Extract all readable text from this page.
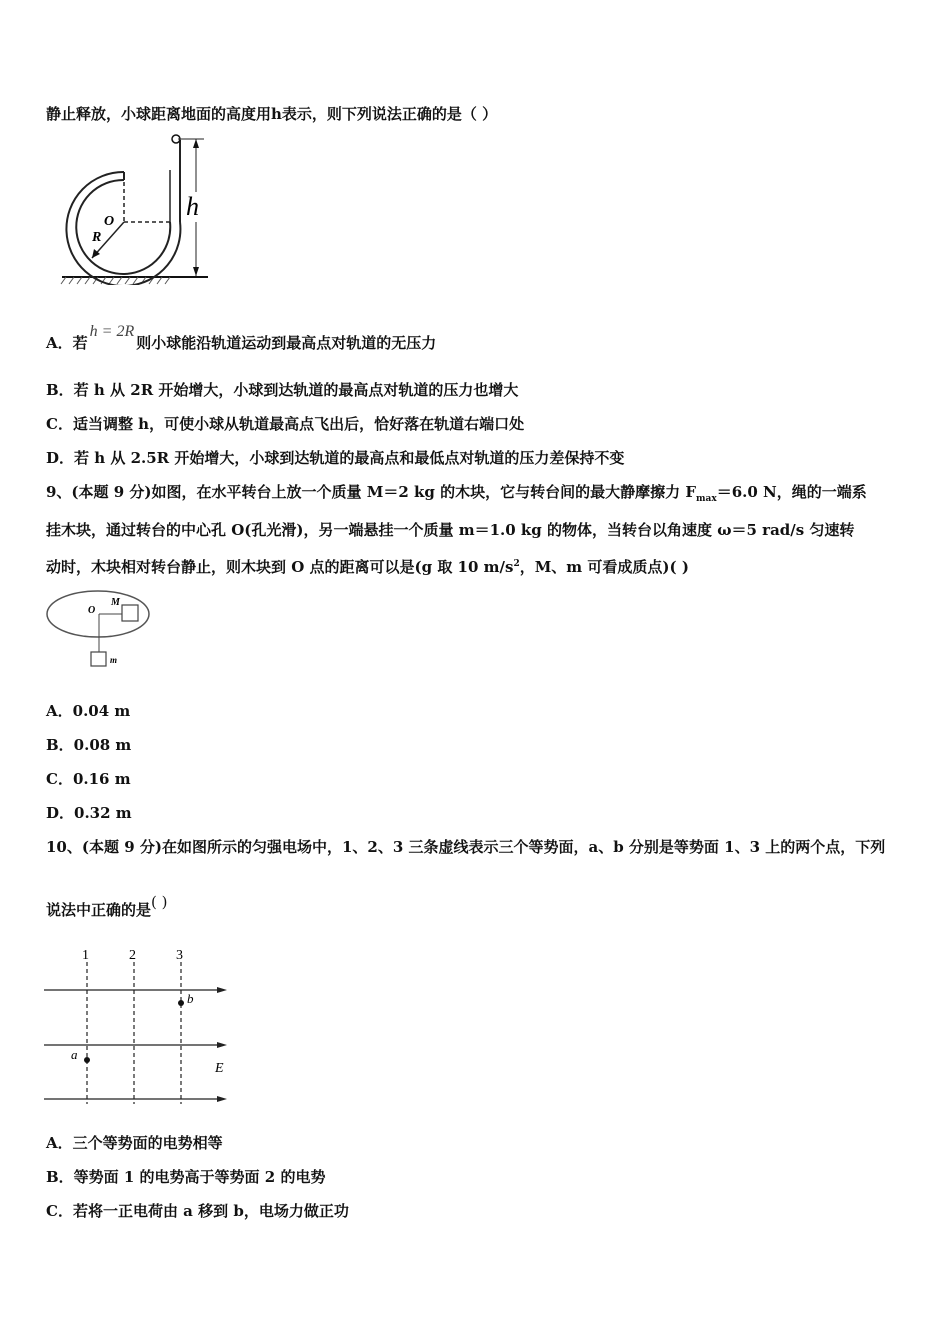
静止释放，小球距离地面的高度用h表示，则下列说法正确的是（ ）
O
R
h
A．若h = 2R则小球能沿轨道运动到最高点对轨道的无压力
B．若 h 从 2R 开始增大，小球到达轨道的最高点对轨道的压力也增大
C．适当调整 h，可使小球从轨道最高点飞出后，恰好落在轨道右端口处
D．若 h 从 2.5R 开始增大，小球到达轨道的最高点和最低点对轨道的压力差保持不变
9、(本题 9 分)如图，在水平转台上放一个质量 M＝2 kg 的木块，它与转台间的最大静摩擦力 $F_{max}=6.0$ N，绳的一端系
挂木块，通过转台的中心孔 O(孔光滑)，另一端悬挂一个质量 m＝1.0 kg 的物体，当转台以角速度 ω＝5 rad/s 匀速转
动时，木块相对转台静止，则木块到 O 点的距离可以是(g 取 10 $m/s^2$，M、m 可看成质点)( )
O
M
m
A．0.04 m
B．0.08 m
C．0.16 m
D．0.32 m
10、(本题 9 分)在如图所示的匀强电场中，1、2、3 三条虚线表示三个等势面，a、b 分别是等势面 1、3 上的两个点，下列
说法中正确的是( )
1	2	3
a
b
E
A．三个等势面的电势相等
B．等势面 1 的电势高于等势面 2 的电势
C．若将一正电荷由 a 移到 b，电场力做正功
